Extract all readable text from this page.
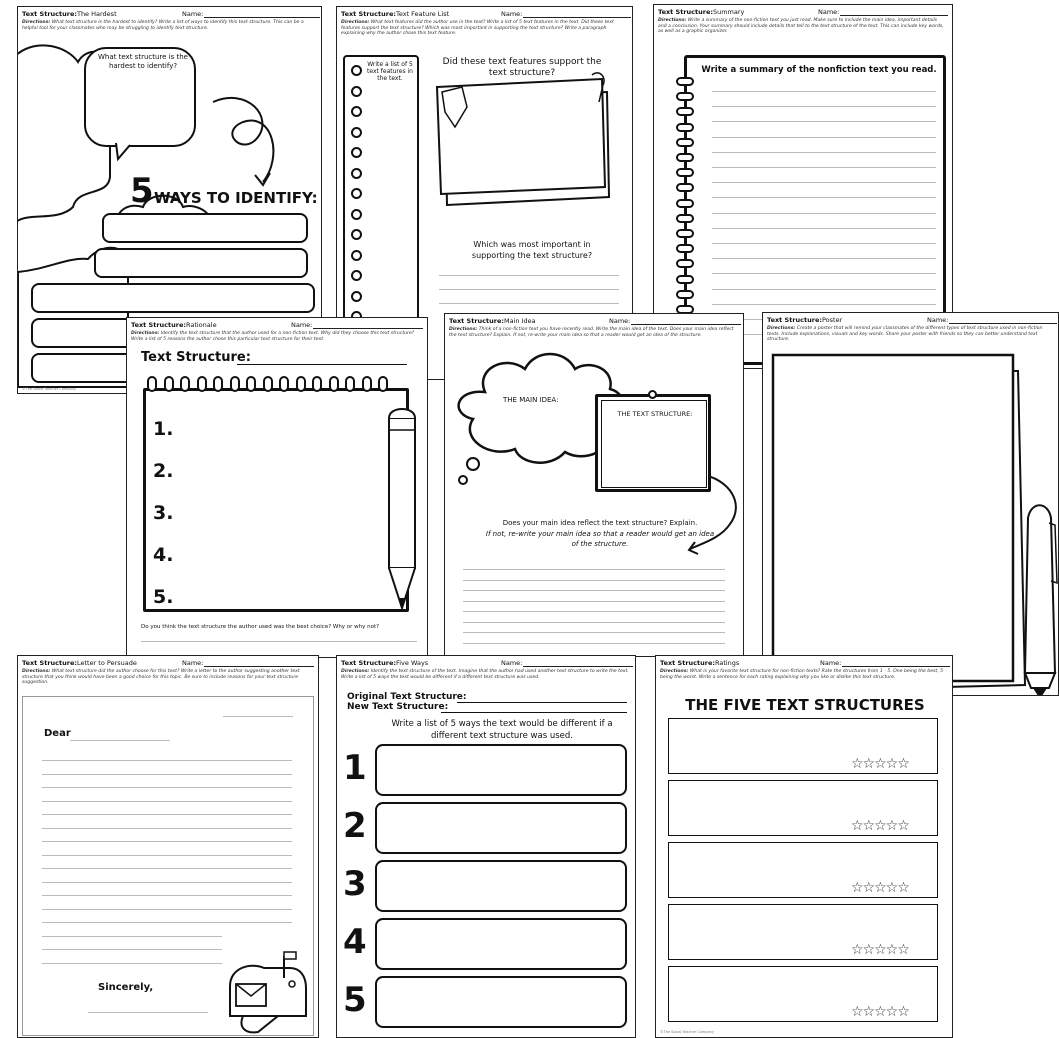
Text Structure:The Hardest	Name:
Directions: What text structure is the hardest to identify? Write a list of ways to identify this text structure. This can be a helpful tool for your classmates who may be struggling to identify text structure.
What text structure is the hardest to identify?
5 WAYS TO IDENTIFY:
©The Social Teacher Company
Text Structure:Text Feature List	Name:
Directions: What text features did the author use in the text? Write a list of 5 text features in the text. Did these text features support the text structure? Which was most important in supporting the text structure? Write a paragraph explaining why the author chose this text feature.
Write a list of 5 text features in the text.
Did these text features support the text structure?
Which was most important in supporting the text structure?
Text Structure:Summary	Name:
Directions: Write a summary of the non-fiction text you just read. Make sure to include the main idea, important details and a conclusion. Your summary should include details that tell to the text structure of the text. This can include key words, as well as a graphic organizer.
Write a summary of the nonfiction text you read.
Text Structure:Poster	Name:
Directions: Create a poster that will remind your classmates of the different types of text structure used in non-fiction texts. Include explanations, visuals and key words. Share your poster with friends so they can better understand text structure.
Text Structure:Rationale	Name:
Directions: Identify the text structure that the author used for a non-fiction text. Why did they choose this text structure? Write a list of 5 reasons the author chose this particular text structure for their text.
Text Structure:
1.
2.
3.
4.
5.
Do you think the text structure the author used was the best choice? Why or why not?
Text Structure:Main Idea	Name:
Directions: Think of a non-fiction text you have recently read. Write the main idea of the text. Does your main idea reflect the text structure? Explain. If not, re-write your main idea so that a reader would get an idea of the structure.
THE MAIN IDEA:
THE TEXT STRUCTURE:
Does your main idea reflect the text structure? Explain.
If not, re-write your main idea so that a reader would get an idea of the structure.
Text Structure:Letter to Persuade	Name:
Directions: What text structure did the author choose for this text? Write a letter to the author suggesting another text structure that you think would have been a good choice for this topic. Be sure to include reasons for your text structure suggestion.
Dear
Sincerely,
Text Structure:Five Ways	Name:
Directions: Identify the text structure of the text. Imagine that the author had used another text structure to write the text. Write a list of 5 ways the text would be different if a different text structure was used.
Original Text Structure:
New Text Structure:
Write a list of 5 ways the text would be different if a different text structure was used.
1
2
3
4
5
Text Structure:Ratings	Name:
Directions: What is your favorite text structure for non-fiction texts? Rate the structures from 1 - 5. One being the best, 5 being the worst. Write a sentence for each rating explaining why you like or dislike this text structure.
THE FIVE TEXT STRUCTURES
☆☆☆☆☆
☆☆☆☆☆
☆☆☆☆☆
☆☆☆☆☆
☆☆☆☆☆
©The Social Teacher Company
